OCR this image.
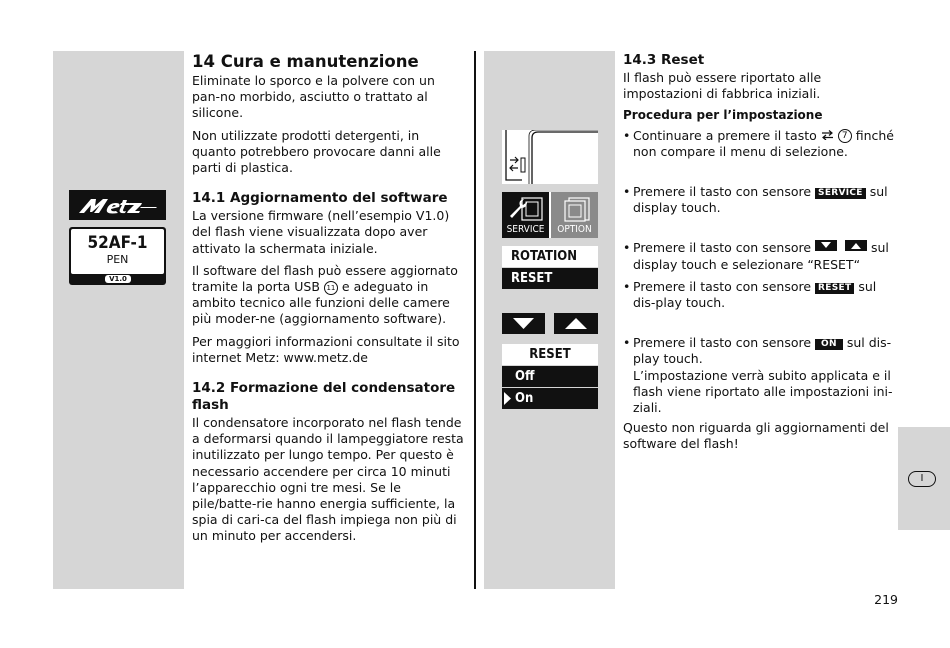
52AF-1
PEN
V1.0
14 Cura e manutenzione

Eliminate lo sporco e la polvere con un pan-no morbido, asciutto o trattato al silicone.

Non utilizzate prodotti detergenti, in quanto potrebbero provocare danni alle parti di plastica.

14.1 Aggiornamento del software

La versione firmware (nell’esempio V1.0) del flash viene visualizzata dopo aver attivato la schermata iniziale.

Il software del flash può essere aggiornato tramite la porta USB 11 e adeguato in ambito tecnico alle funzioni delle camere più moder-ne (aggiornamento software).

Per maggiori informazioni consultate il sito internet Metz: www.metz.de

14.2 Formazione del condensatore flash

Il condensatore incorporato nel flash tende a deformarsi quando il lampeggiatore resta inutilizzato per lungo tempo. Per questo è necessario accendere per circa 10 minuti l’apparecchio ogni tre mesi. Se le pile/batte-rie hanno energia sufficiente, la spia di cari-ca del flash impiega non più di un minuto per accendersi.

SERVICE	OPTION
ROTATION
RESET
RESET
Off
On
14.3 Reset

Il flash può essere riportato alle impostazioni di fabbrica iniziali.

Procedura per l’impostazione

• Continuare a premere il tasto	7 finché non compare il menu di selezione.

• Premere il tasto con sensore SERVICE sul display touch.

• Premere il tasto con sensore
	sul display touch e selezionare “RESET“

• Premere il tasto con sensore RESET sul dis-play touch.

• Premere il tasto con sensore ON sul dis-play touch.
L’impostazione verrà subito applicata e il flash viene riportato alle impostazioni ini-ziali.

Questo non riguarda gli aggiornamenti del software del flash!

I
219
